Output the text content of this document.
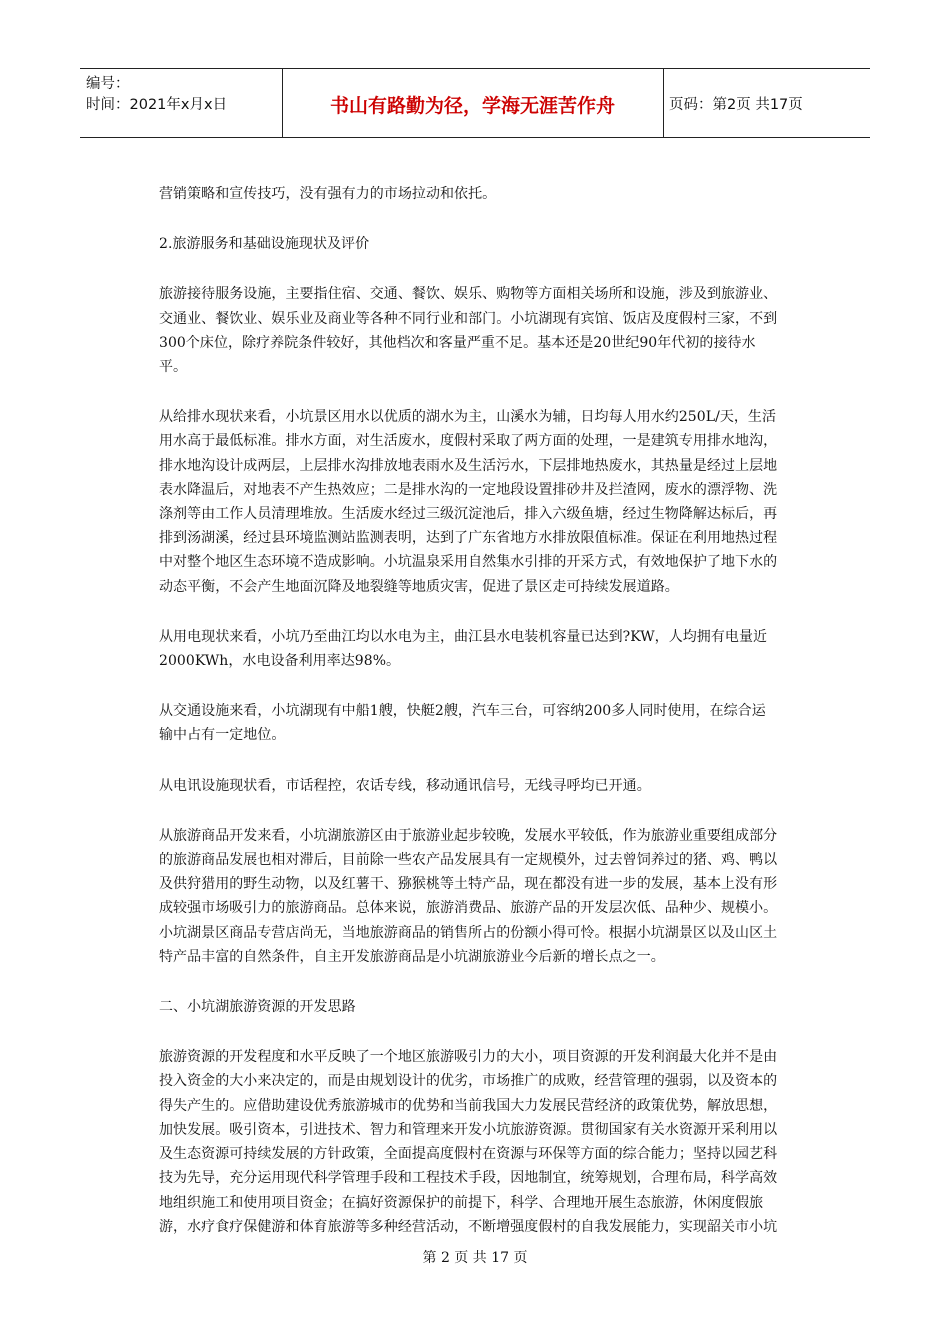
编号：
时间：2021年x月x日	书山有路勤为径，学海无涯苦作舟	页码：第2页 共17页
营销策略和宣传技巧，没有强有力的市场拉动和依托。
2.旅游服务和基础设施现状及评价
旅游接待服务设施，主要指住宿、交通、餐饮、娱乐、购物等方面相关场所和设施，涉及到旅游业、
交通业、餐饮业、娱乐业及商业等各种不同行业和部门。小坑湖现有宾馆、饭店及度假村三家，不到
300个床位，除疗养院条件较好，其他档次和客量严重不足。基本还是20世纪90年代初的接待水
平。
从给排水现状来看，小坑景区用水以优质的湖水为主，山溪水为辅，日均每人用水约250L/天，生活
用水高于最低标准。排水方面，对生活废水，度假村采取了两方面的处理，一是建筑专用排水地沟，
排水地沟设计成两层，上层排水沟排放地表雨水及生活污水，下层排地热废水，其热量是经过上层地
表水降温后，对地表不产生热效应；二是排水沟的一定地段设置排砂井及拦渣网，废水的漂浮物、洗
涤剂等由工作人员清理堆放。生活废水经过三级沉淀池后，排入六级鱼塘，经过生物降解达标后，再
排到汤湖溪，经过县环境监测站监测表明，达到了广东省地方水排放限值标准。保证在利用地热过程
中对整个地区生态环境不造成影响。小坑温泉采用自然集水引排的开采方式，有效地保护了地下水的
动态平衡，不会产生地面沉降及地裂缝等地质灾害，促进了景区走可持续发展道路。
从用电现状来看，小坑乃至曲江均以水电为主，曲江县水电装机容量已达到?KW，人均拥有电量近
2000KWh，水电设备利用率达98%。
从交通设施来看，小坑湖现有中船1艘，快艇2艘，汽车三台，可容纳200多人同时使用，在综合运
输中占有一定地位。
从电讯设施现状看，市话程控，农话专线，移动通讯信号，无线寻呼均已开通。
从旅游商品开发来看，小坑湖旅游区由于旅游业起步较晚，发展水平较低，作为旅游业重要组成部分
的旅游商品发展也相对滞后，目前除一些农产品发展具有一定规模外，过去曾饲养过的猪、鸡、鸭以
及供狩猎用的野生动物，以及红薯干、猕猴桃等土特产品，现在都没有进一步的发展，基本上没有形
成较强市场吸引力的旅游商品。总体来说，旅游消费品、旅游产品的开发层次低、品种少、规模小。
小坑湖景区商品专营店尚无，当地旅游商品的销售所占的份额小得可怜。根据小坑湖景区以及山区土
特产品丰富的自然条件，自主开发旅游商品是小坑湖旅游业今后新的增长点之一。
二、小坑湖旅游资源的开发思路
旅游资源的开发程度和水平反映了一个地区旅游吸引力的大小，项目资源的开发利润最大化并不是由
投入资金的大小来决定的，而是由规划设计的优劣，市场推广的成败，经营管理的强弱，以及资本的
得失产生的。应借助建设优秀旅游城市的优势和当前我国大力发展民营经济的政策优势，解放思想，
加快发展。吸引资本，引进技术、智力和管理来开发小坑旅游资源。贯彻国家有关水资源开采利用以
及生态资源可持续发展的方针政策，全面提高度假村在资源与环保等方面的综合能力；坚持以园艺科
技为先导，充分运用现代科学管理手段和工程技术手段，因地制宜，统筹规划，合理布局，科学高效
地组织施工和使用项目资金；在搞好资源保护的前提下，科学、合理地开展生态旅游，休闲度假旅
游，水疗食疗保健游和体育旅游等多种经营活动，不断增强度假村的自我发展能力，实现韶关市小坑
第 2 页 共 17 页
